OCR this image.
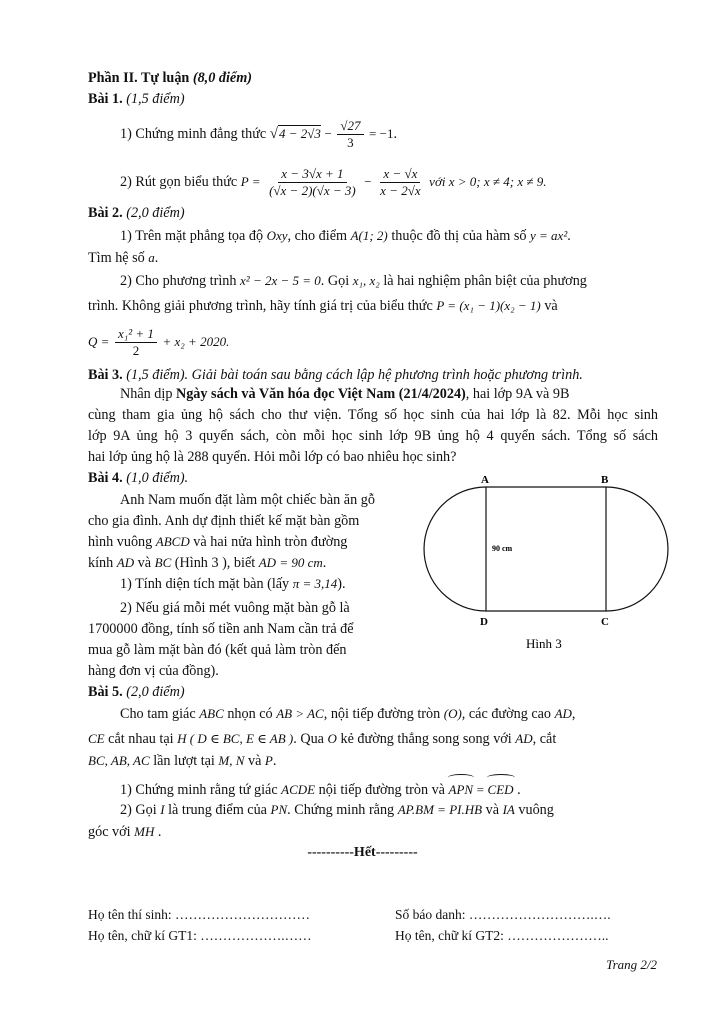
Phần II. Tự luận (8,0 điểm)
Bài 1. (1,5 điểm)
1) Chứng minh đẳng thức $√4 - 2√3 - \frac{√27}{3} = -1$.
2) Rút gọn biểu thức $P = \frac{x - 3√x + 1}{(√x - 2)(√x - 3)} - \frac{x - √x}{x - 2√x}$ với x > 0; x ≠ 4; x ≠ 9.
Bài 2. (2,0 điểm)
1) Trên mặt phẳng tọa độ Oxy, cho điểm A(1; 2) thuộc đồ thị của hàm số y = ax².
Tìm hệ số a.
2) Cho phương trình x² − 2x − 5 = 0. Gọi x₁, x₂ là hai nghiệm phân biệt của phương
trình. Không giải phương trình, hãy tính giá trị của biểu thức P = (x₁ − 1)(x₂ − 1) và
$Q = \frac{\text{x₁² + 1}}{2} + x_2 + 2020$.
Bài 3. (1,5 điểm). Giải bài toán sau bằng cách lập hệ phương trình hoặc phương trình.
Nhân dịp Ngày sách và Văn hóa đọc Việt Nam (21/4/2024), hai lớp 9A và 9B
cùng tham gia ủng hộ sách cho thư viện. Tổng số học sinh của hai lớp là 82. Mỗi học sinh
lớp 9A ủng hộ 3 quyển sách, còn mỗi học sinh lớp 9B ủng hộ 4 quyển sách. Tổng số sách
hai lớp ủng hộ là 288 quyển. Hỏi mỗi lớp có bao nhiêu học sinh?
Bài 4. (1,0 điểm).
Anh Nam muốn đặt làm một chiếc bàn ăn gỗ
cho gia đình. Anh dự định thiết kế mặt bàn gồm
hình vuông ABCD và hai nửa hình tròn đường
kính AD và BC (Hình 3 ), biết AD = 90 cm.
1) Tính diện tích mặt bàn (lấy π = 3,14).
2) Nếu giá mỗi mét vuông mặt bàn gỗ là
1700000 đồng, tính số tiền anh Nam cần trả để
mua gỗ làm mặt bàn đó (kết quả làm tròn đến
hàng đơn vị của đồng).
A	B
C
D
90 cm
Hình 3
Bài 5. (2,0 điểm)
Cho tam giác ABC nhọn có AB > AC, nội tiếp đường tròn (O), các đường cao AD,
CE cắt nhau tại H ( D ∈ BC, E ∈ AB ). Qua O kẻ đường thẳng song song với AD, cắt
BC, AB, AC lần lượt tại M, N và P.
1) Chứng minh rằng tứ giác ACDE nội tiếp đường tròn và APN = CED .
2) Gọi I là trung điểm của PN. Chứng minh rằng AP.BM = PI.HB và IA vuông
góc với MH .
----------Hết---------
Họ tên thí sinh: …………………………	Số báo danh: ……………………….….
Họ tên, chữ kí GT1: ……………….……	Họ tên, chữ kí GT2: …………………..
Trang 2/2
